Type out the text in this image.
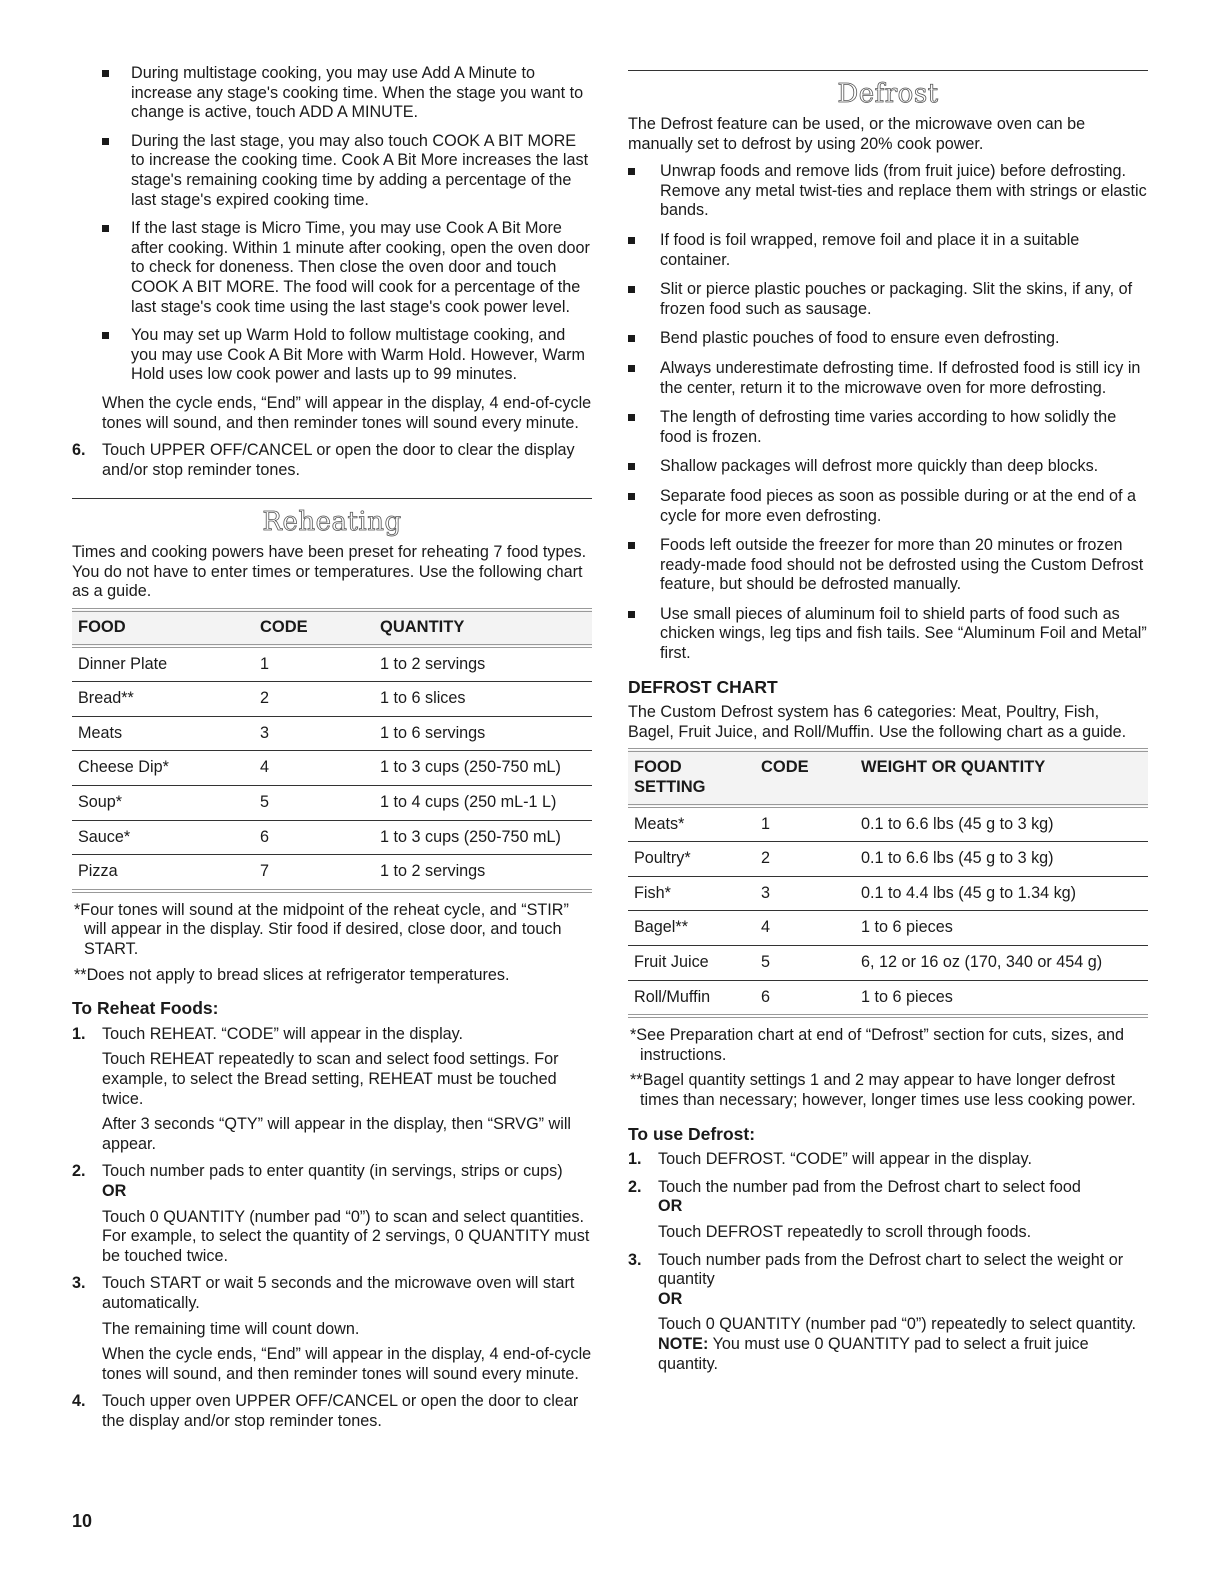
During multistage cooking, you may use Add A Minute to increase any stage's cooking time. When the stage you want to change is active, touch ADD A MINUTE.

During the last stage, you may also touch COOK A BIT MORE to increase the cooking time. Cook A Bit More increases the last stage's remaining cooking time by adding a percentage of the last stage's expired cooking time.

If the last stage is Micro Time, you may use Cook A Bit More after cooking. Within 1 minute after cooking, open the oven door to check for doneness. Then close the oven door and touch COOK A BIT MORE. The food will cook for a percentage of the last stage's cook time using the last stage's cook power level.

You may set up Warm Hold to follow multistage cooking, and you may use Cook A Bit More with Warm Hold. However, Warm Hold uses low cook power and lasts up to 99 minutes.

When the cycle ends, “End” will appear in the display, 4 end-of-cycle tones will sound, and then reminder tones will sound every minute.

6. Touch UPPER OFF/CANCEL or open the door to clear the display and/or stop reminder tones.

Reheating

Times and cooking powers have been preset for reheating 7 food types. You do not have to enter times or temperatures. Use the following chart as a guide.

FOOD	CODE	QUANTITY
Dinner Plate	1	1 to 2 servings
Bread**	2	1 to 6 slices
Meats	3	1 to 6 servings
Cheese Dip*	4	1 to 3 cups (250-750 mL)
Soup*	5	1 to 4 cups (250 mL-1 L)
Sauce*	6	1 to 3 cups (250-750 mL)
Pizza	7	1 to 2 servings

*Four tones will sound at the midpoint of the reheat cycle, and “STIR” will appear in the display. Stir food if desired, close door, and touch START.

**Does not apply to bread slices at refrigerator temperatures.

To Reheat Foods:
1. Touch REHEAT. “CODE” will appear in the display.

Touch REHEAT repeatedly to scan and select food settings. For example, to select the Bread setting, REHEAT must be touched twice.

After 3 seconds “QTY” will appear in the display, then “SRVG” will appear.

2. Touch number pads to enter quantity (in servings, strips or cups)

OR

Touch 0 QUANTITY (number pad “0”) to scan and select quantities. For example, to select the quantity of 2 servings, 0 QUANTITY must be touched twice.

3. Touch START or wait 5 seconds and the microwave oven will start automatically.

The remaining time will count down.

When the cycle ends, “End” will appear in the display, 4 end-of-cycle tones will sound, and then reminder tones will sound every minute.

4. Touch upper oven UPPER OFF/CANCEL or open the door to clear the display and/or stop reminder tones.

Defrost

The Defrost feature can be used, or the microwave oven can be manually set to defrost by using 20% cook power.

Unwrap foods and remove lids (from fruit juice) before defrosting. Remove any metal twist-ties and replace them with strings or elastic bands.

If food is foil wrapped, remove foil and place it in a suitable container.

Slit or pierce plastic pouches or packaging. Slit the skins, if any, of frozen food such as sausage.

Bend plastic pouches of food to ensure even defrosting.

Always underestimate defrosting time. If defrosted food is still icy in the center, return it to the microwave oven for more defrosting.

The length of defrosting time varies according to how solidly the food is frozen.

Shallow packages will defrost more quickly than deep blocks.

Separate food pieces as soon as possible during or at the end of a cycle for more even defrosting.

Foods left outside the freezer for more than 20 minutes or frozen ready-made food should not be defrosted using the Custom Defrost feature, but should be defrosted manually.

Use small pieces of aluminum foil to shield parts of food such as chicken wings, leg tips and fish tails. See “Aluminum Foil and Metal” first.

DEFROST CHART

The Custom Defrost system has 6 categories: Meat, Poultry, Fish, Bagel, Fruit Juice, and Roll/Muffin. Use the following chart as a guide.

FOOD SETTING	CODE	WEIGHT OR QUANTITY
Meats*	1	0.1 to 6.6 lbs (45 g to 3 kg)
Poultry*	2	0.1 to 6.6 lbs (45 g to 3 kg)
Fish*	3	0.1 to 4.4 lbs (45 g to 1.34 kg)
Bagel**	4	1 to 6 pieces
Fruit Juice	5	6, 12 or 16 oz (170, 340 or 454 g)
Roll/Muffin	6	1 to 6 pieces

*See Preparation chart at end of “Defrost” section for cuts, sizes, and instructions.

**Bagel quantity settings 1 and 2 may appear to have longer defrost times than necessary; however, longer times use less cooking power.

To use Defrost:
1. Touch DEFROST. “CODE” will appear in the display.

2. Touch the number pad from the Defrost chart to select food

OR

Touch DEFROST repeatedly to scroll through foods.

3. Touch number pads from the Defrost chart to select the weight or quantity

OR

Touch 0 QUANTITY (number pad “0”) repeatedly to select quantity.

NOTE: You must use 0 QUANTITY pad to select a fruit juice quantity.

10
